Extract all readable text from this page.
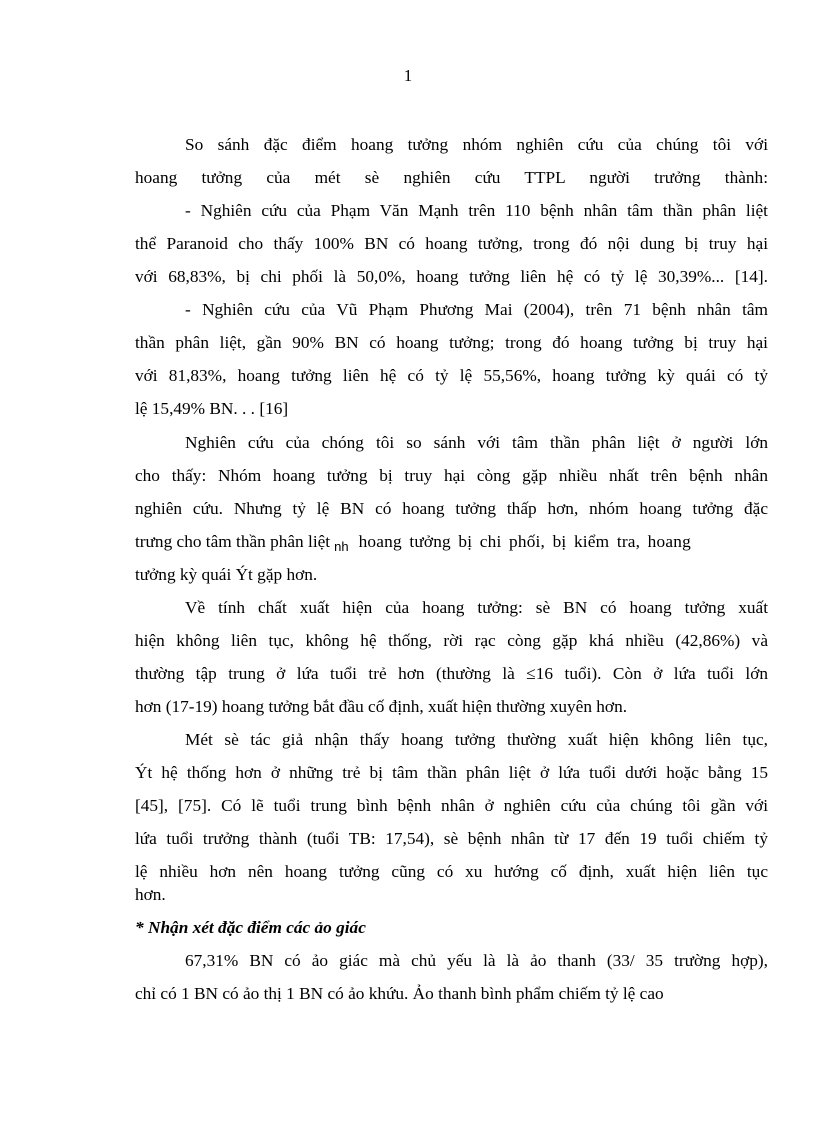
1
So sánh đặc điểm hoang tưởng nhóm nghiên cứu của chúng tôi với
hoang tưởng của mét sè nghiên cứu TTPL người trưởng thành:
- Nghiên cứu của Phạm Văn Mạnh trên 110 bệnh nhân tâm thần phân liệt
thể Paranoid cho thấy 100% BN có hoang tưởng, trong đó nội dung bị truy hại
với 68,83%, bị chi phối là 50,0%, hoang tưởng liên hệ có tỷ lệ 30,39%... [14].
- Nghiên cứu của Vũ Phạm Phương Mai (2004), trên 71 bệnh nhân tâm
thần phân liệt, gần 90% BN có hoang tưởng; trong đó hoang tưởng bị truy hại
với 81,83%, hoang tưởng liên hệ có tỷ lệ 55,56%, hoang tưởng kỳ quái có tỷ
lệ 15,49% BN. . . [16]
Nghiên cứu của chóng tôi so sánh với tâm thần phân liệt ở người lớn
cho thấy: Nhóm hoang tưởng bị truy hại còng gặp nhiều nhất trên bệnh nhân
nghiên cứu. Nhưng tỷ lệ BN có hoang tưởng thấp hơn, nhóm hoang tưởng đặc
trưng cho tâm thần phân liệt $_{nh}$ hoang tưởng bị chi phối, bị kiểm tra, hoang
tưởng kỳ quái Ýt gặp hơn.
Về tính chất xuất hiện của hoang tưởng: sè BN có hoang tưởng xuất
hiện không liên tục, không hệ thống, rời rạc còng gặp khá nhiều (42,86%) và
thường tập trung ở lứa tuổi trẻ hơn (thường là ≤16 tuổi). Còn ở lứa tuổi lớn
hơn (17-19) hoang tưởng bắt đầu cố định, xuất hiện thường xuyên hơn.
Mét sè tác giả nhận thấy hoang tưởng thường xuất hiện không liên tục,
Ýt hệ thống hơn ở những trẻ bị tâm thần phân liệt ở lứa tuổi dưới hoặc bằng 15
[45], [75]. Có lẽ tuổi trung bình bệnh nhân ở nghiên cứu của chúng tôi gần với
lứa tuổi trưởng thành (tuổi TB: 17,54), sè bệnh nhân từ 17 đến 19 tuổi chiếm tỷ
lệ nhiều hơn nên hoang tưởng cũng có xu hướng cố định, xuất hiện liên tục
hơn.
* Nhận xét đặc điểm các ảo giác
67,31% BN có ảo giác mà chủ yếu là là ảo thanh (33/ 35 trường hợp),
chỉ có 1 BN có ảo thị 1 BN có ảo khứu. Ảo thanh bình phẩm chiếm tỷ lệ cao
